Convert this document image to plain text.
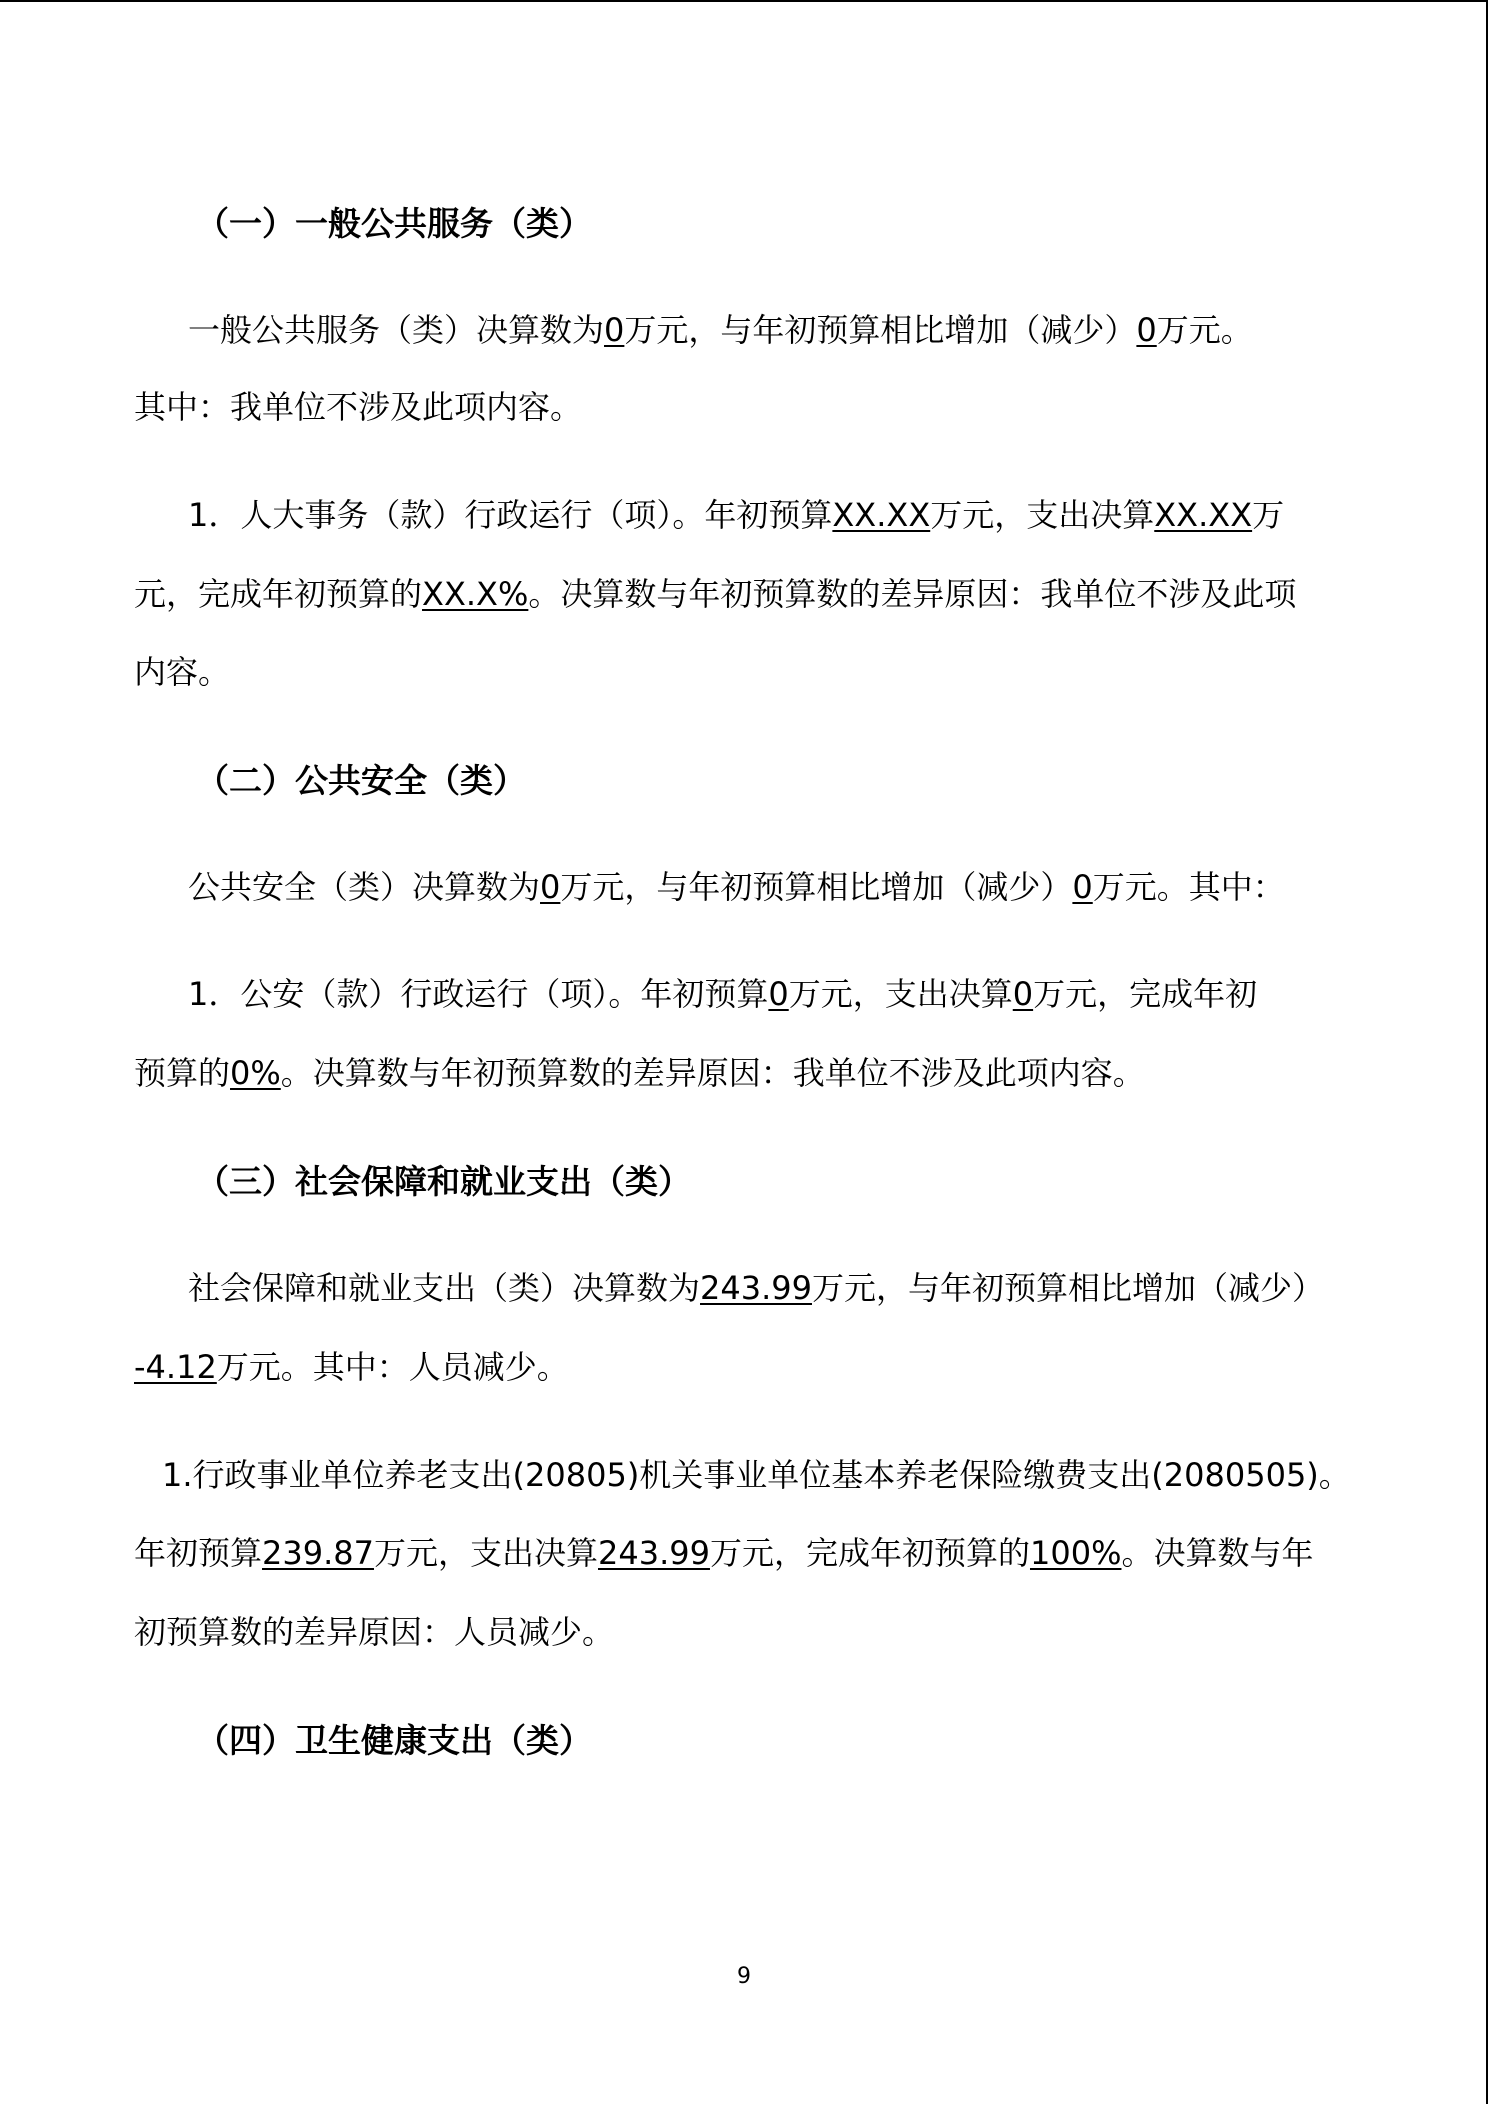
（一）一般公共服务（类）
一般公共服务（类）决算数为0万元，与年初预算相比增加（减少）0万元。
其中：我单位不涉及此项内容。
1．人大事务（款）行政运行（项）。年初预算XX.XX万元，支出决算XX.XX万
元，完成年初预算的XX.X%。决算数与年初预算数的差异原因：我单位不涉及此项
内容。
（二）公共安全（类）
公共安全（类）决算数为0万元，与年初预算相比增加（减少）0万元。其中：
1．公安（款）行政运行（项）。年初预算0万元，支出决算0万元，完成年初
预算的0%。决算数与年初预算数的差异原因：我单位不涉及此项内容。
（三）社会保障和就业支出（类）
社会保障和就业支出（类）决算数为243.99万元，与年初预算相比增加（减少）
-4.12万元。其中：人员减少。
1.行政事业单位养老支出(20805)机关事业单位基本养老保险缴费支出(2080505)。
年初预算239.87万元，支出决算243.99万元，完成年初预算的100%。决算数与年
初预算数的差异原因：人员减少。
（四）卫生健康支出（类）
9
